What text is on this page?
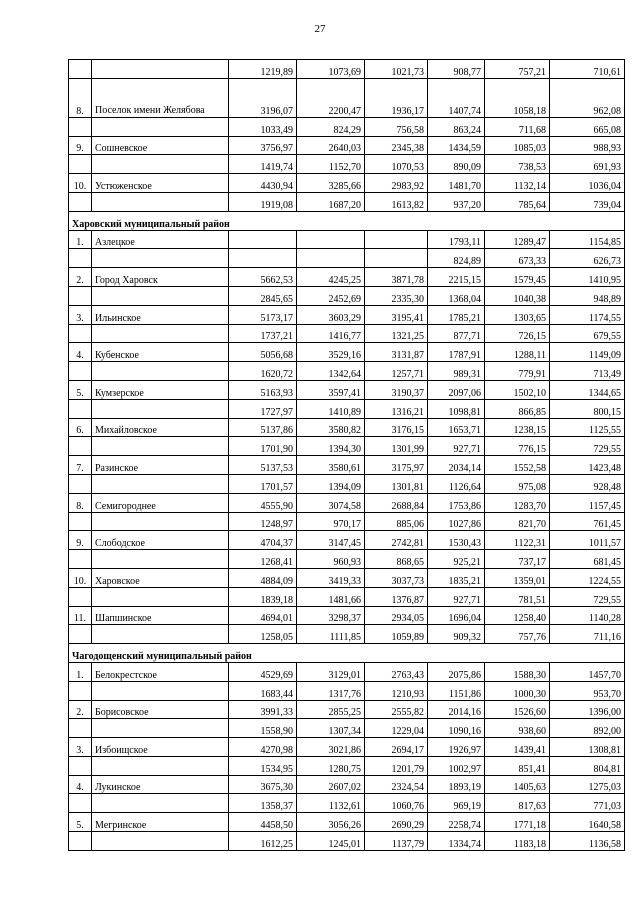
27
		1219,89	1073,69	1021,73	908,77	757,21	710,61
8.	Поселок имени Желябова	3196,07	2200,47	1936,17	1407,74	1058,18	962,08
		1033,49	824,29	756,58	863,24	711,68	665,08
9.	Сошневское	3756,97	2640,03	2345,38	1434,59	1085,03	988,93
		1419,74	1152,70	1070,53	890,09	738,53	691,93
10.	Устюженское	4430,94	3285,66	2983,92	1481,70	1132,14	1036,04
		1919,08	1687,20	1613,82	937,20	785,64	739,04
Харовский муниципальный район							
1.	Азлецкое				1793,11	1289,47	1154,85
					824,89	673,33	626,73
2.	Город Харовск	5662,53	4245,25	3871,78	2215,15	1579,45	1410,95
		2845,65	2452,69	2335,30	1368,04	1040,38	948,89
3.	Ильинское	5173,17	3603,29	3195,41	1785,21	1303,65	1174,55
		1737,21	1416,77	1321,25	877,71	726,15	679,55
4.	Кубенское	5056,68	3529,16	3131,87	1787,91	1288,11	1149,09
		1620,72	1342,64	1257,71	989,31	779,91	713,49
5.	Кумзерское	5163,93	3597,41	3190,37	2097,06	1502,10	1344,65
		1727,97	1410,89	1316,21	1098,81	866,85	800,15
6.	Михайловское	5137,86	3580,82	3176,15	1653,71	1238,15	1125,55
		1701,90	1394,30	1301,99	927,71	776,15	729,55
7.	Разинское	5137,53	3580,61	3175,97	2034,14	1552,58	1423,48
		1701,57	1394,09	1301,81	1126,64	975,08	928,48
8.	Семигороднее	4555,90	3074,58	2688,84	1753,86	1283,70	1157,45
		1248,97	970,17	885,06	1027,86	821,70	761,45
9.	Слободское	4704,37	3147,45	2742,81	1530,43	1122,31	1011,57
		1268,41	960,93	868,65	925,21	737,17	681,45
10.	Харовское	4884,09	3419,33	3037,73	1835,21	1359,01	1224,55
		1839,18	1481,66	1376,87	927,71	781,51	729,55
11.	Шапшинское	4694,01	3298,37	2934,05	1696,04	1258,40	1140,28
		1258,05	1111,85	1059,89	909,32	757,76	711,16
Чагодощенский муниципальный район							
1.	Белокрестское	4529,69	3129,01	2763,43	2075,86	1588,30	1457,70
		1683,44	1317,76	1210,93	1151,86	1000,30	953,70
2.	Борисовское	3991,33	2855,25	2555,82	2014,16	1526,60	1396,00
		1558,90	1307,34	1229,04	1090,16	938,60	892,00
3.	Избоищское	4270,98	3021,86	2694,17	1926,97	1439,41	1308,81
		1534,95	1280,75	1201,79	1002,97	851,41	804,81
4.	Лукинское	3675,30	2607,02	2324,54	1893,19	1405,63	1275,03
		1358,37	1132,61	1060,76	969,19	817,63	771,03
5.	Мегринское	4458,50	3056,26	2690,29	2258,74	1771,18	1640,58
		1612,25	1245,01	1137,79	1334,74	1183,18	1136,58
